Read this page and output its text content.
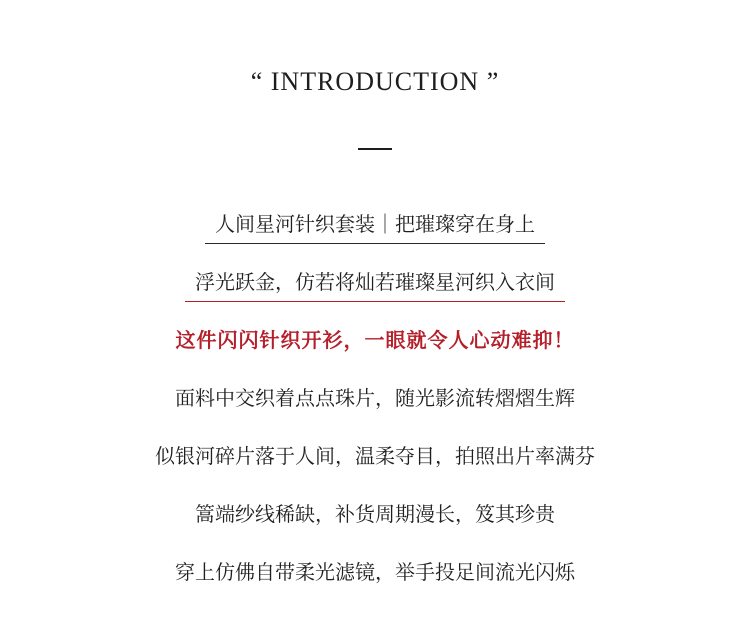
“ INTRODUCTION ”
人间星河针织套装｜把璀璨穿在身上
浮光跃金，仿若将灿若璀璨星河织入衣间
这件闪闪针织开衫，一眼就令人心动难抑！
面料中交织着点点珠片，随光影流转熠熠生辉
似银河碎片落于人间，温柔夺目，拍照出片率满芬
篙端纱线稀缺，补货周期漫长，笈其珍贵
穿上仿佛自带柔光滤镜，举手投足间流光闪烁
